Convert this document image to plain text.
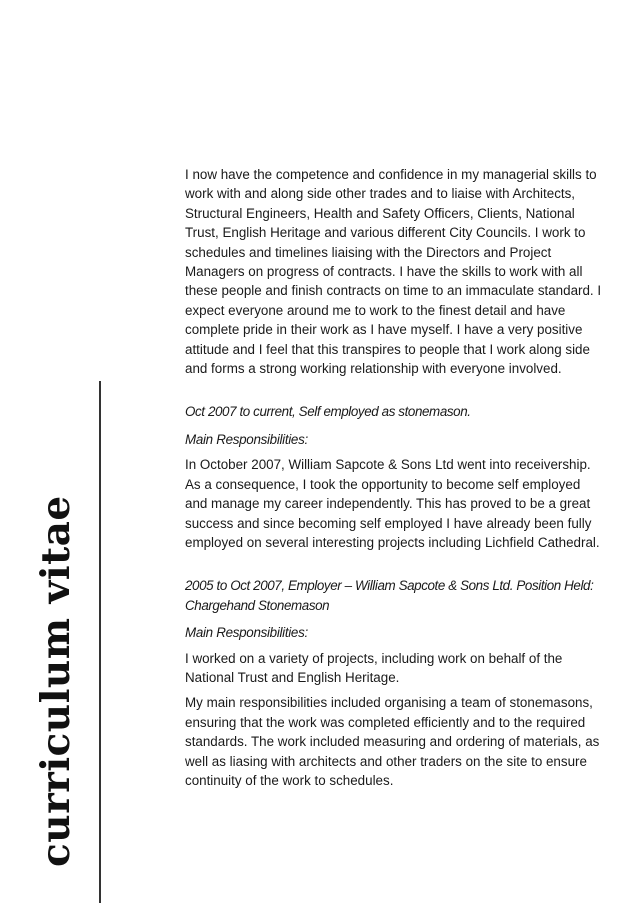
curriculum vitae

I now have the competence and confidence in my managerial skills to work with and along side other trades and to liaise with Architects, Structural Engineers, Health and Safety Officers, Clients, National Trust, English Heritage and various different City Councils. I work to schedules and timelines liaising with the Directors and Project Managers on progress of contracts. I have the skills to work with all these people and finish contracts on time to an immaculate standard. I expect everyone around me to work to the finest detail and have complete pride in their work as I have myself. I have a very positive attitude and I feel that this transpires to people that I work along side and forms a strong working relationship with everyone involved.

Oct 2007 to current, Self employed as stonemason.

Main Responsibilities:

In October 2007, William Sapcote & Sons Ltd went into receivership. As a consequence, I took the opportunity to become self employed and manage my career independently. This has proved to be a great success and since becoming self employed I have already been fully employed on several interesting projects including Lichfield Cathedral.

2005 to Oct 2007, Employer – William Sapcote & Sons Ltd. Position Held: Chargehand Stonemason

Main Responsibilities:

I worked on a variety of projects, including work on behalf of the National Trust and English Heritage.

My main responsibilities included organising a team of stonemasons, ensuring that the work was completed efficiently and to the required standards. The work included measuring and ordering of materials, as well as liasing with architects and other traders on the site to ensure continuity of the work to schedules.
